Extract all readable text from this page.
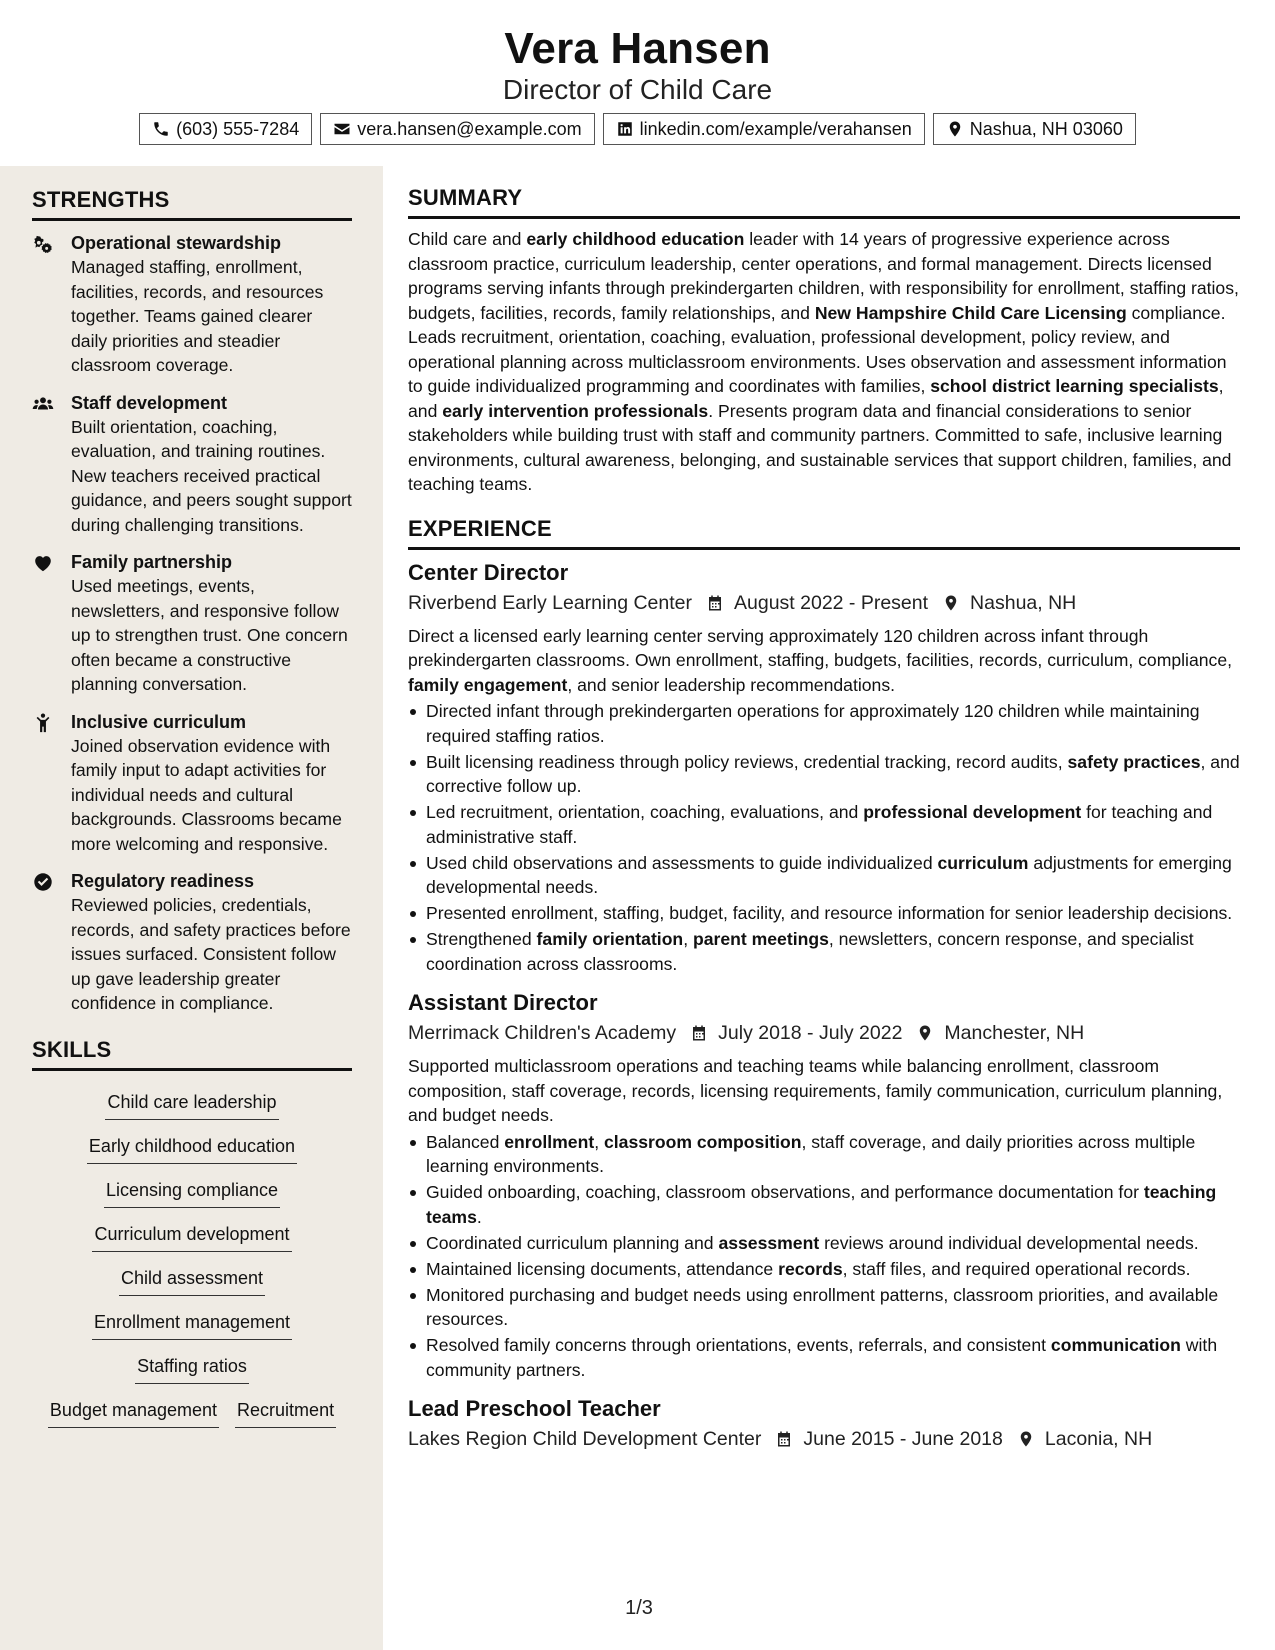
Vera Hansen
Director of Child Care
(603) 555-7284	vera.hansen@example.com	linkedin.com/example/verahansen	Nashua, NH 03060
STRENGTHS
Operational stewardship
Managed staffing, enrollment, facilities, records, and resources together. Teams gained clearer daily priorities and steadier classroom coverage.
Staff development
Built orientation, coaching, evaluation, and training routines. New teachers received practical guidance, and peers sought support during challenging transitions.
Family partnership
Used meetings, events, newsletters, and responsive follow up to strengthen trust. One concern often became a constructive planning conversation.
Inclusive curriculum
Joined observation evidence with family input to adapt activities for individual needs and cultural backgrounds. Classrooms became more welcoming and responsive.
Regulatory readiness
Reviewed policies, credentials, records, and safety practices before issues surfaced. Consistent follow up gave leadership greater confidence in compliance.
SKILLS
Child care leadership
Early childhood education
Licensing compliance
Curriculum development
Child assessment
Enrollment management
Staffing ratios
Budget management Recruitment
SUMMARY

Child care and early childhood education leader with 14 years of progressive experience across classroom practice, curriculum leadership, center operations, and formal management. Directs licensed programs serving infants through prekindergarten children, with responsibility for enrollment, staffing ratios, budgets, facilities, records, family relationships, and New Hampshire Child Care Licensing compliance. Leads recruitment, orientation, coaching, evaluation, professional development, policy review, and operational planning across multiclassroom environments. Uses observation and assessment information to guide individualized programming and coordinates with families, school district learning specialists, and early intervention professionals. Presents program data and financial considerations to senior stakeholders while building trust with staff and community partners. Committed to safe, inclusive learning environments, cultural awareness, belonging, and sustainable services that support children, families, and teaching teams.

EXPERIENCE
Center Director
Riverbend Early Learning Center August 2022 - Present Nashua, NH

Direct a licensed early learning center serving approximately 120 children across infant through prekindergarten classrooms. Own enrollment, staffing, budgets, facilities, records, curriculum, compliance, family engagement, and senior leadership recommendations.

Directed infant through prekindergarten operations for approximately 120 children while maintaining required staffing ratios.
Built licensing readiness through policy reviews, credential tracking, record audits, safety practices, and corrective follow up.
Led recruitment, orientation, coaching, evaluations, and professional development for teaching and administrative staff.
Used child observations and assessments to guide individualized curriculum adjustments for emerging developmental needs.
Presented enrollment, staffing, budget, facility, and resource information for senior leadership decisions.
Strengthened family orientation, parent meetings, newsletters, concern response, and specialist coordination across classrooms.
Assistant Director
Merrimack Children's Academy July 2018 - July 2022 Manchester, NH

Supported multiclassroom operations and teaching teams while balancing enrollment, classroom composition, staff coverage, records, licensing requirements, family communication, curriculum planning, and budget needs.

Balanced enrollment, classroom composition, staff coverage, and daily priorities across multiple learning environments.
Guided onboarding, coaching, classroom observations, and performance documentation for teaching teams.
Coordinated curriculum planning and assessment reviews around individual developmental needs.
Maintained licensing documents, attendance records, staff files, and required operational records.
Monitored purchasing and budget needs using enrollment patterns, classroom priorities, and available resources.
Resolved family concerns through orientations, events, referrals, and consistent communication with community partners.
Lead Preschool Teacher
Lakes Region Child Development Center June 2015 - June 2018 Laconia, NH
1/3
